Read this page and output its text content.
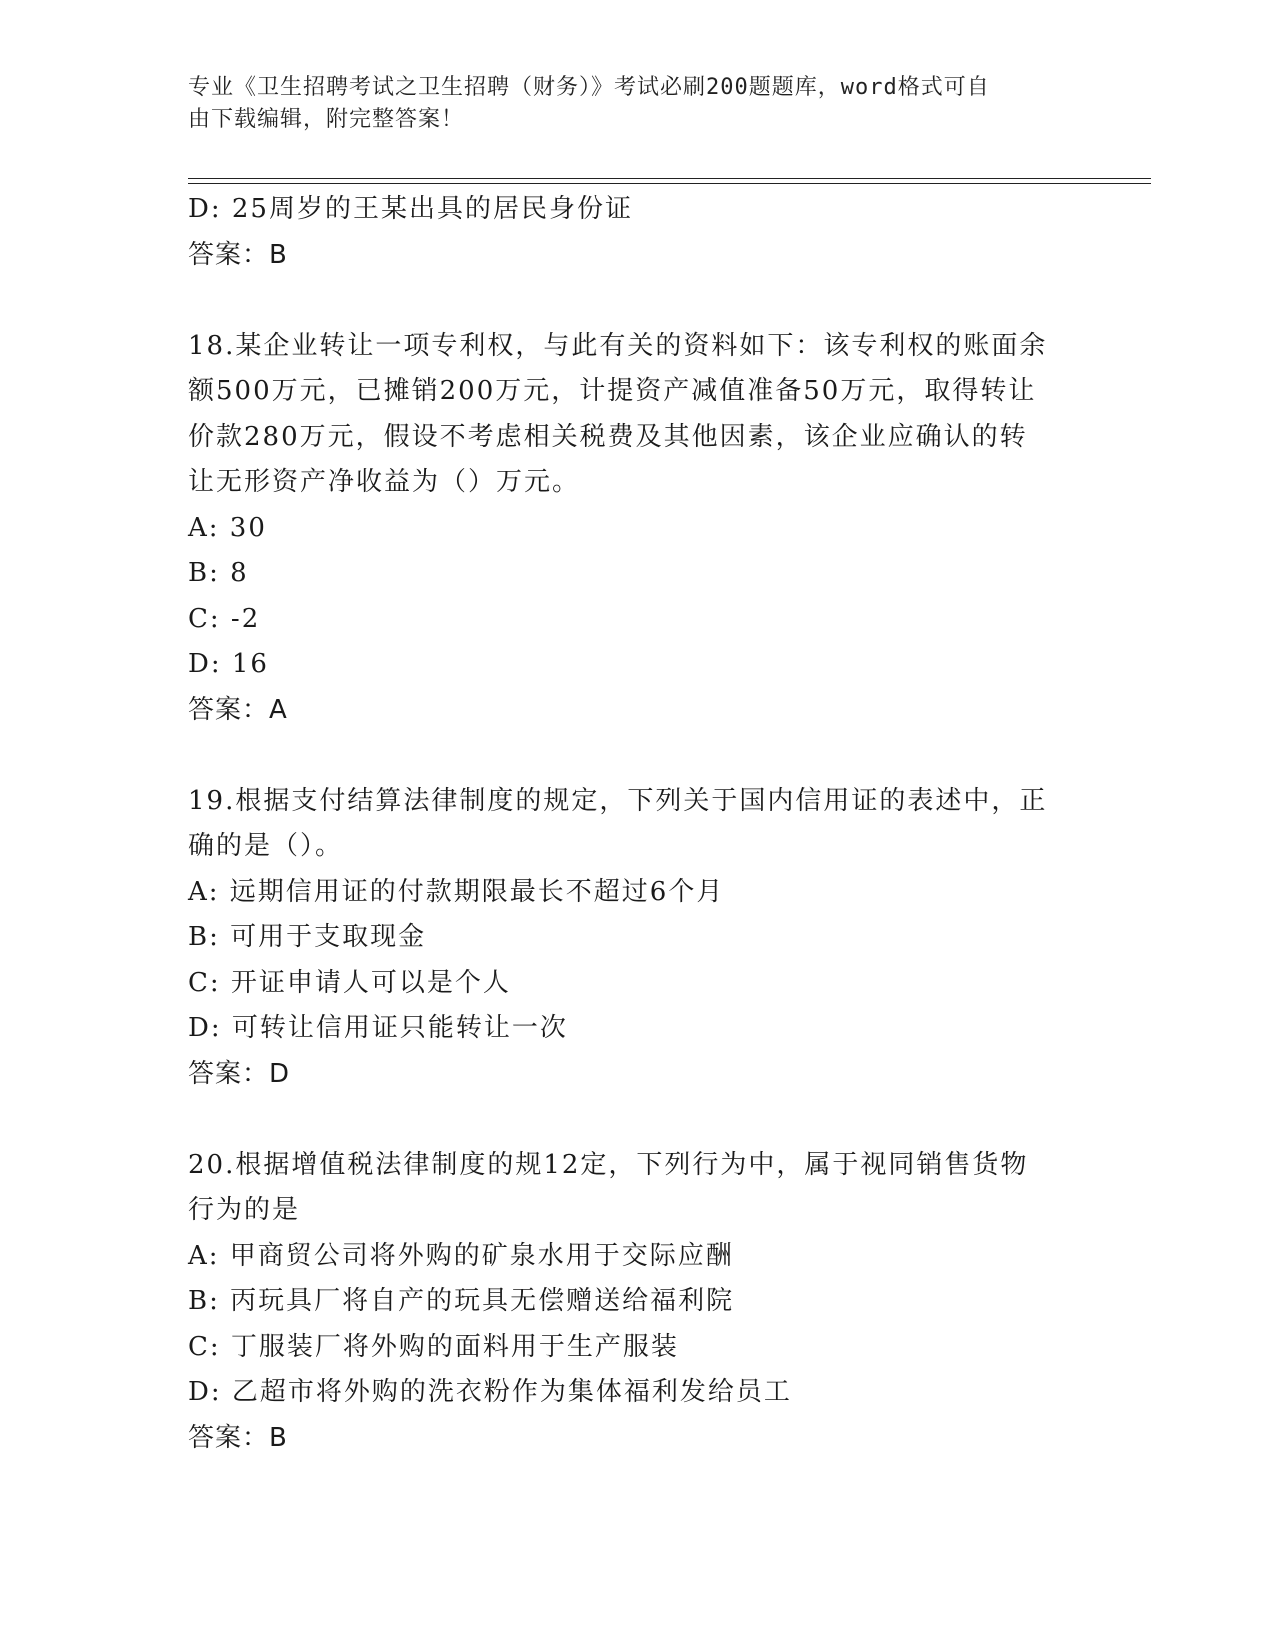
专业《卫生招聘考试之卫生招聘（财务）》考试必刷200题题库，word格式可自
由下载编辑，附完整答案！
D: 25周岁的王某出具的居民身份证
答案：B
18.某企业转让一项专利权，与此有关的资料如下：该专利权的账面余
额500万元，已摊销200万元，计提资产减值准备50万元，取得转让
价款280万元，假设不考虑相关税费及其他因素，该企业应确认的转
让无形资产净收益为（）万元。
A: 30
B: 8
C: -2
D: 16
答案：A
19.根据支付结算法律制度的规定，下列关于国内信用证的表述中，正
确的是（）。
A: 远期信用证的付款期限最长不超过6个月
B: 可用于支取现金
C: 开证申请人可以是个人
D: 可转让信用证只能转让一次
答案：D
20.根据增值税法律制度的规12定，下列行为中，属于视同销售货物
行为的是
A: 甲商贸公司将外购的矿泉水用于交际应酬
B: 丙玩具厂将自产的玩具无偿赠送给福利院
C: 丁服装厂将外购的面料用于生产服装
D: 乙超市将外购的洗衣粉作为集体福利发给员工
答案：B
